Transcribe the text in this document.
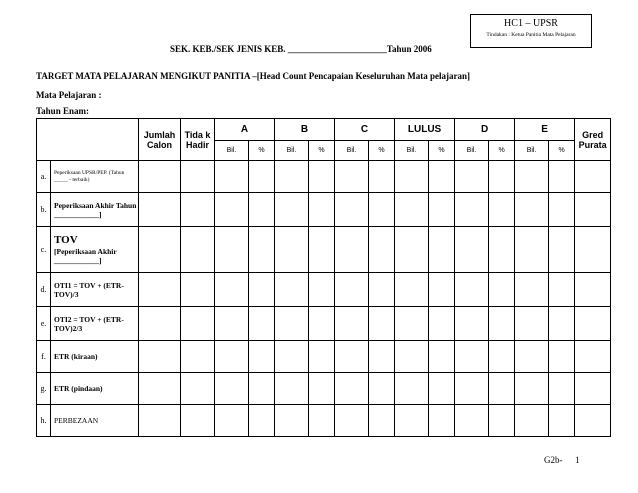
HC1 – UPSR
Tindakan : Ketua Panitia Mata Pelajaran
SEK. KEB./SEK JENIS KEB. ______________________Tahun 2006
TARGET MATA PELAJARAN MENGIKUT PANITIA –[Head Count Pencapaian Keseluruhan Mata pelajaran]
Mata Pelajaran :
Tahun Enam:
		Jumlah Calon	Tida k Hadir	A		B		C		LULUS		D		E		Gred Purata
				Bil.	%	Bil.	%	Bil.	%	Bil.	%	Bil.	%	Bil.	%	
a.	Peperiksaan UPSR/PEP. (Tahun _____ - terbaik)															
b.	Peperiksaan Akhir Tahun ____________]															
c.	TOV
[Peperiksaan Akhir ____________]															
d.	OTI1 = TOV + (ETR-TOV)/3															
e.	OTI2 = TOV + (ETR-TOV)2/3															
f.	ETR (kiraan)															
g.	ETR (pindaan)															
h.	PERBEZAAN															
G2b- 1
